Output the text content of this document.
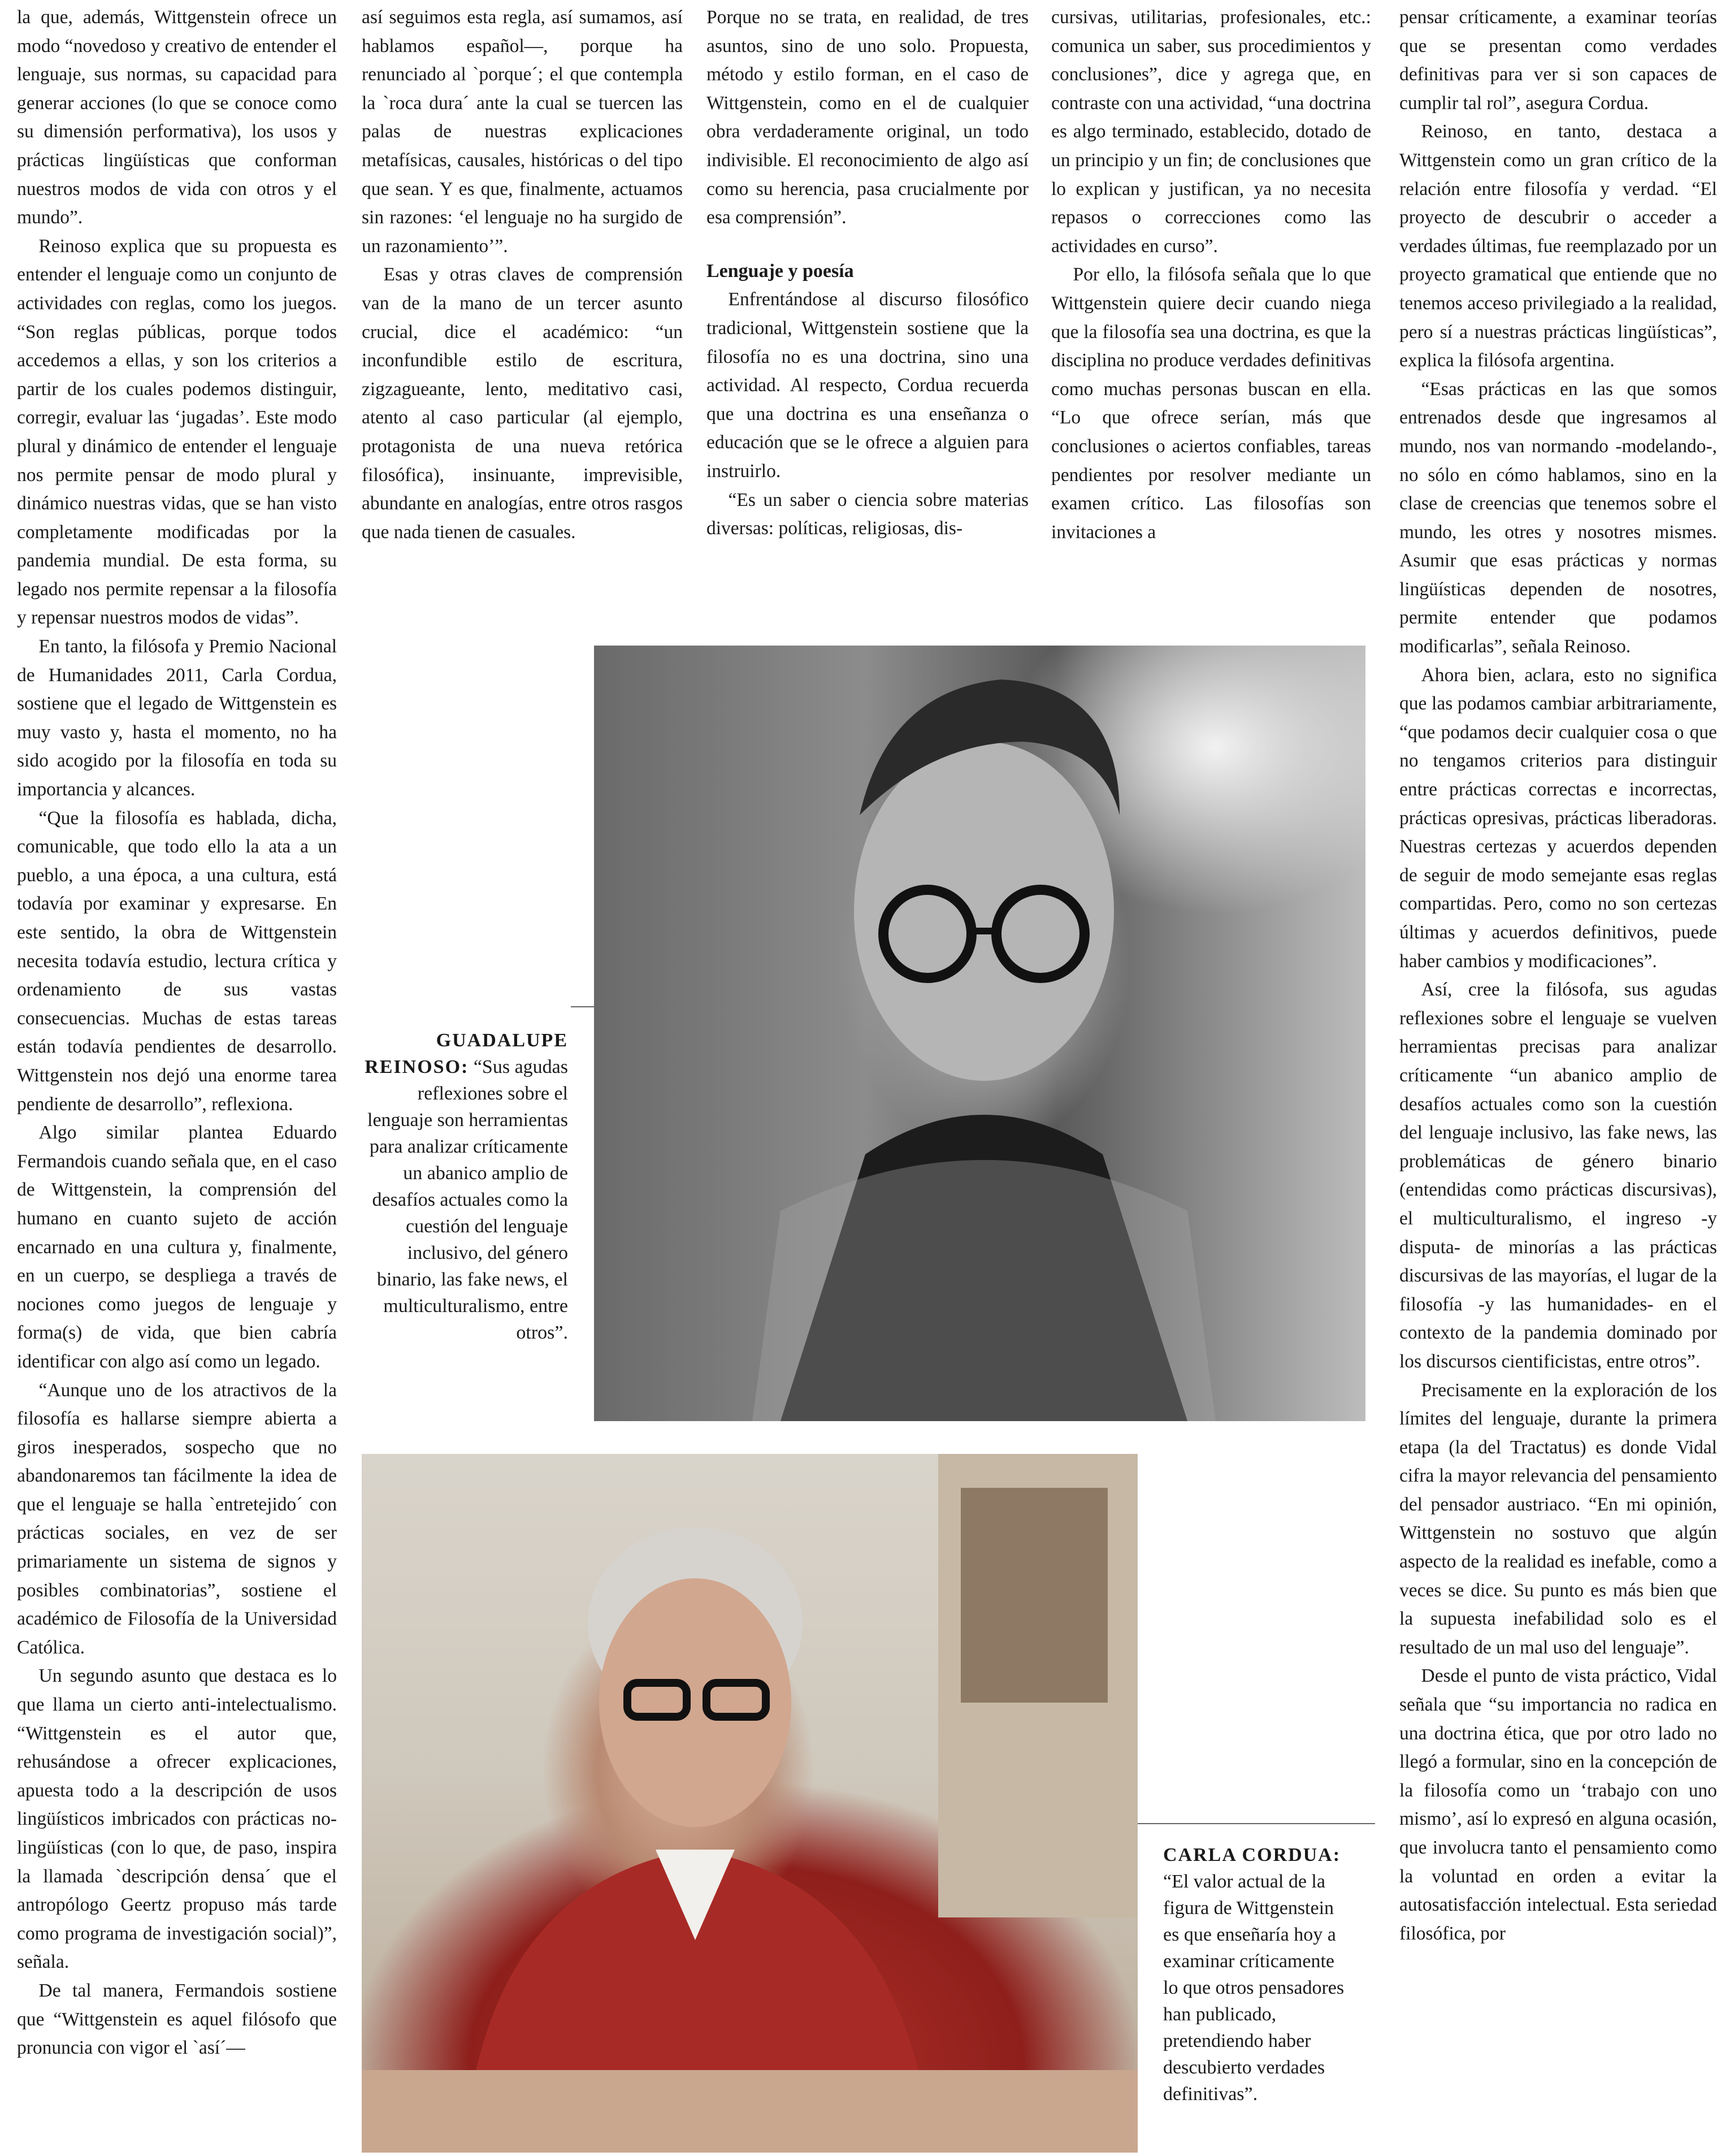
la que, además, Wittgenstein ofrece un modo “novedoso y creativo de entender el lenguaje, sus normas, su capacidad para generar acciones (lo que se conoce como su dimensión performativa), los usos y prácticas lingüísticas que conforman nuestros modos de vida con otros y el mundo”.

Reinoso explica que su propuesta es entender el lenguaje como un conjunto de actividades con reglas, como los juegos. “Son reglas públicas, porque todos accedemos a ellas, y son los criterios a partir de los cuales podemos distinguir, corregir, evaluar las ‘jugadas’. Este modo plural y dinámico de entender el lenguaje nos permite pensar de modo plural y dinámico nuestras vidas, que se han visto completamente modificadas por la pandemia mundial. De esta forma, su legado nos permite repensar a la filosofía y repensar nuestros modos de vidas”.

En tanto, la filósofa y Premio Nacional de Humanidades 2011, Carla Cordua, sostiene que el legado de Wittgenstein es muy vasto y, hasta el momento, no ha sido acogido por la filosofía en toda su importancia y alcances.

“Que la filosofía es hablada, dicha, comunicable, que todo ello la ata a un pueblo, a una época, a una cultura, está todavía por examinar y expresarse. En este sentido, la obra de Wittgenstein necesita todavía estudio, lectura crítica y ordenamiento de sus vastas consecuencias. Muchas de estas tareas están todavía pendientes de desarrollo. Wittgenstein nos dejó una enorme tarea pendiente de desarrollo”, reflexiona.

Algo similar plantea Eduardo Fermandois cuando señala que, en el caso de Wittgenstein, la comprensión del humano en cuanto sujeto de acción encarnado en una cultura y, finalmente, en un cuerpo, se despliega a través de nociones como juegos de lenguaje y forma(s) de vida, que bien cabría identificar con algo así como un legado.

“Aunque uno de los atractivos de la filosofía es hallarse siempre abierta a giros inesperados, sospecho que no abandonaremos tan fácilmente la idea de que el lenguaje se halla `entretejido´ con prácticas sociales, en vez de ser primariamente un sistema de signos y posibles combinatorias”, sostiene el académico de Filosofía de la Universidad Católica.

Un segundo asunto que destaca es lo que llama un cierto anti-intelectualismo. “Wittgenstein es el autor que, rehusándose a ofrecer explicaciones, apuesta todo a la descripción de usos lingüísticos imbricados con prácticas no-lingüísticas (con lo que, de paso, inspira la llamada `descripción densa´ que el antropólogo Geertz propuso más tarde como programa de investigación social)”, señala.

De tal manera, Fermandois sostiene que “Wittgenstein es aquel filósofo que pronuncia con vigor el `así´—

así seguimos esta regla, así sumamos, así hablamos español—, porque ha renunciado al `porque´; el que contempla la `roca dura´ ante la cual se tuercen las palas de nuestras explicaciones metafísicas, causales, históricas o del tipo que sean. Y es que, finalmente, actuamos sin razones: ‘el lenguaje no ha surgido de un razonamiento’”.

Esas y otras claves de comprensión van de la mano de un tercer asunto crucial, dice el académico: “un inconfundible estilo de escritura, zigzagueante, lento, meditativo casi, atento al caso particular (al ejemplo, protagonista de una nueva retórica filosófica), insinuante, imprevisible, abundante en analogías, entre otros rasgos que nada tienen de casuales.

Porque no se trata, en realidad, de tres asuntos, sino de uno solo. Propuesta, método y estilo forman, en el caso de Wittgenstein, como en el de cualquier obra verdaderamente original, un todo indivisible. El reconocimiento de algo así como su herencia, pasa crucialmente por esa comprensión”.

Lenguaje y poesía

Enfrentándose al discurso filosófico tradicional, Wittgenstein sostiene que la filosofía no es una doctrina, sino una actividad. Al respecto, Cordua recuerda que una doctrina es una enseñanza o educación que se le ofrece a alguien para instruirlo.

“Es un saber o ciencia sobre materias diversas: políticas, religiosas, dis-

cursivas, utilitarias, profesionales, etc.: comunica un saber, sus procedimientos y conclusiones”, dice y agrega que, en contraste con una actividad, “una doctrina es algo terminado, establecido, dotado de un principio y un fin; de conclusiones que lo explican y justifican, ya no necesita repasos o correcciones como las actividades en curso”.

Por ello, la filósofa señala que lo que Wittgenstein quiere decir cuando niega que la filosofía sea una doctrina, es que la disciplina no produce verdades definitivas como muchas personas buscan en ella. “Lo que ofrece serían, más que conclusiones o aciertos confiables, tareas pendientes por resolver mediante un examen crítico. Las filosofías son invitaciones a

pensar críticamente, a examinar teorías que se presentan como verdades definitivas para ver si son capaces de cumplir tal rol”, asegura Cordua.

Reinoso, en tanto, destaca a Wittgenstein como un gran crítico de la relación entre filosofía y verdad. “El proyecto de descubrir o acceder a verdades últimas, fue reemplazado por un proyecto gramatical que entiende que no tenemos acceso privilegiado a la realidad, pero sí a nuestras prácticas lingüísticas”, explica la filósofa argentina.

“Esas prácticas en las que somos entrenados desde que ingresamos al mundo, nos van normando -modelando-, no sólo en cómo hablamos, sino en la clase de creencias que tenemos sobre el mundo, les otres y nosotres mismes. Asumir que esas prácticas y normas lingüísticas dependen de nosotres, permite entender que podamos modificarlas”, señala Reinoso.

Ahora bien, aclara, esto no significa que las podamos cambiar arbitrariamente, “que podamos decir cualquier cosa o que no tengamos criterios para distinguir entre prácticas correctas e incorrectas, prácticas opresivas, prácticas liberadoras. Nuestras certezas y acuerdos dependen de seguir de modo semejante esas reglas compartidas. Pero, como no son certezas últimas y acuerdos definitivos, puede haber cambios y modificaciones”.

Así, cree la filósofa, sus agudas reflexiones sobre el lenguaje se vuelven herramientas precisas para analizar críticamente “un abanico amplio de desafíos actuales como son la cuestión del lenguaje inclusivo, las fake news, las problemáticas de género binario (entendidas como prácticas discursivas), el multiculturalismo, el ingreso -y disputa- de minorías a las prácticas discursivas de las mayorías, el lugar de la filosofía -y las humanidades- en el contexto de la pandemia dominado por los discursos cientificistas, entre otros”.

Precisamente en la exploración de los límites del lenguaje, durante la primera etapa (la del Tractatus) es donde Vidal cifra la mayor relevancia del pensamiento del pensador austriaco. “En mi opinión, Wittgenstein no sostuvo que algún aspecto de la realidad es inefable, como a veces se dice. Su punto es más bien que la supuesta inefabilidad solo es el resultado de un mal uso del lenguaje”.

Desde el punto de vista práctico, Vidal señala que “su importancia no radica en una doctrina ética, que por otro lado no llegó a formular, sino en la concepción de la filosofía como un ‘trabajo con uno mismo’, así lo expresó en alguna ocasión, que involucra tanto el pensamiento como la voluntad en orden a evitar la autosatisfacción intelectual. Esta seriedad filosófica, por

GUADALUPE REINOSO: “Sus agudas reflexiones sobre el lenguaje son herramientas para analizar críticamente un abanico amplio de desafíos actuales como la cuestión del lenguaje inclusivo, del género binario, las fake news, el multiculturalismo, entre otros”.
CARLA CORDUA: “El valor actual de la figura de Wittgenstein es que enseñaría hoy a examinar críticamente lo que otros pensadores han publicado, pretendiendo haber descubierto verdades definitivas”.
